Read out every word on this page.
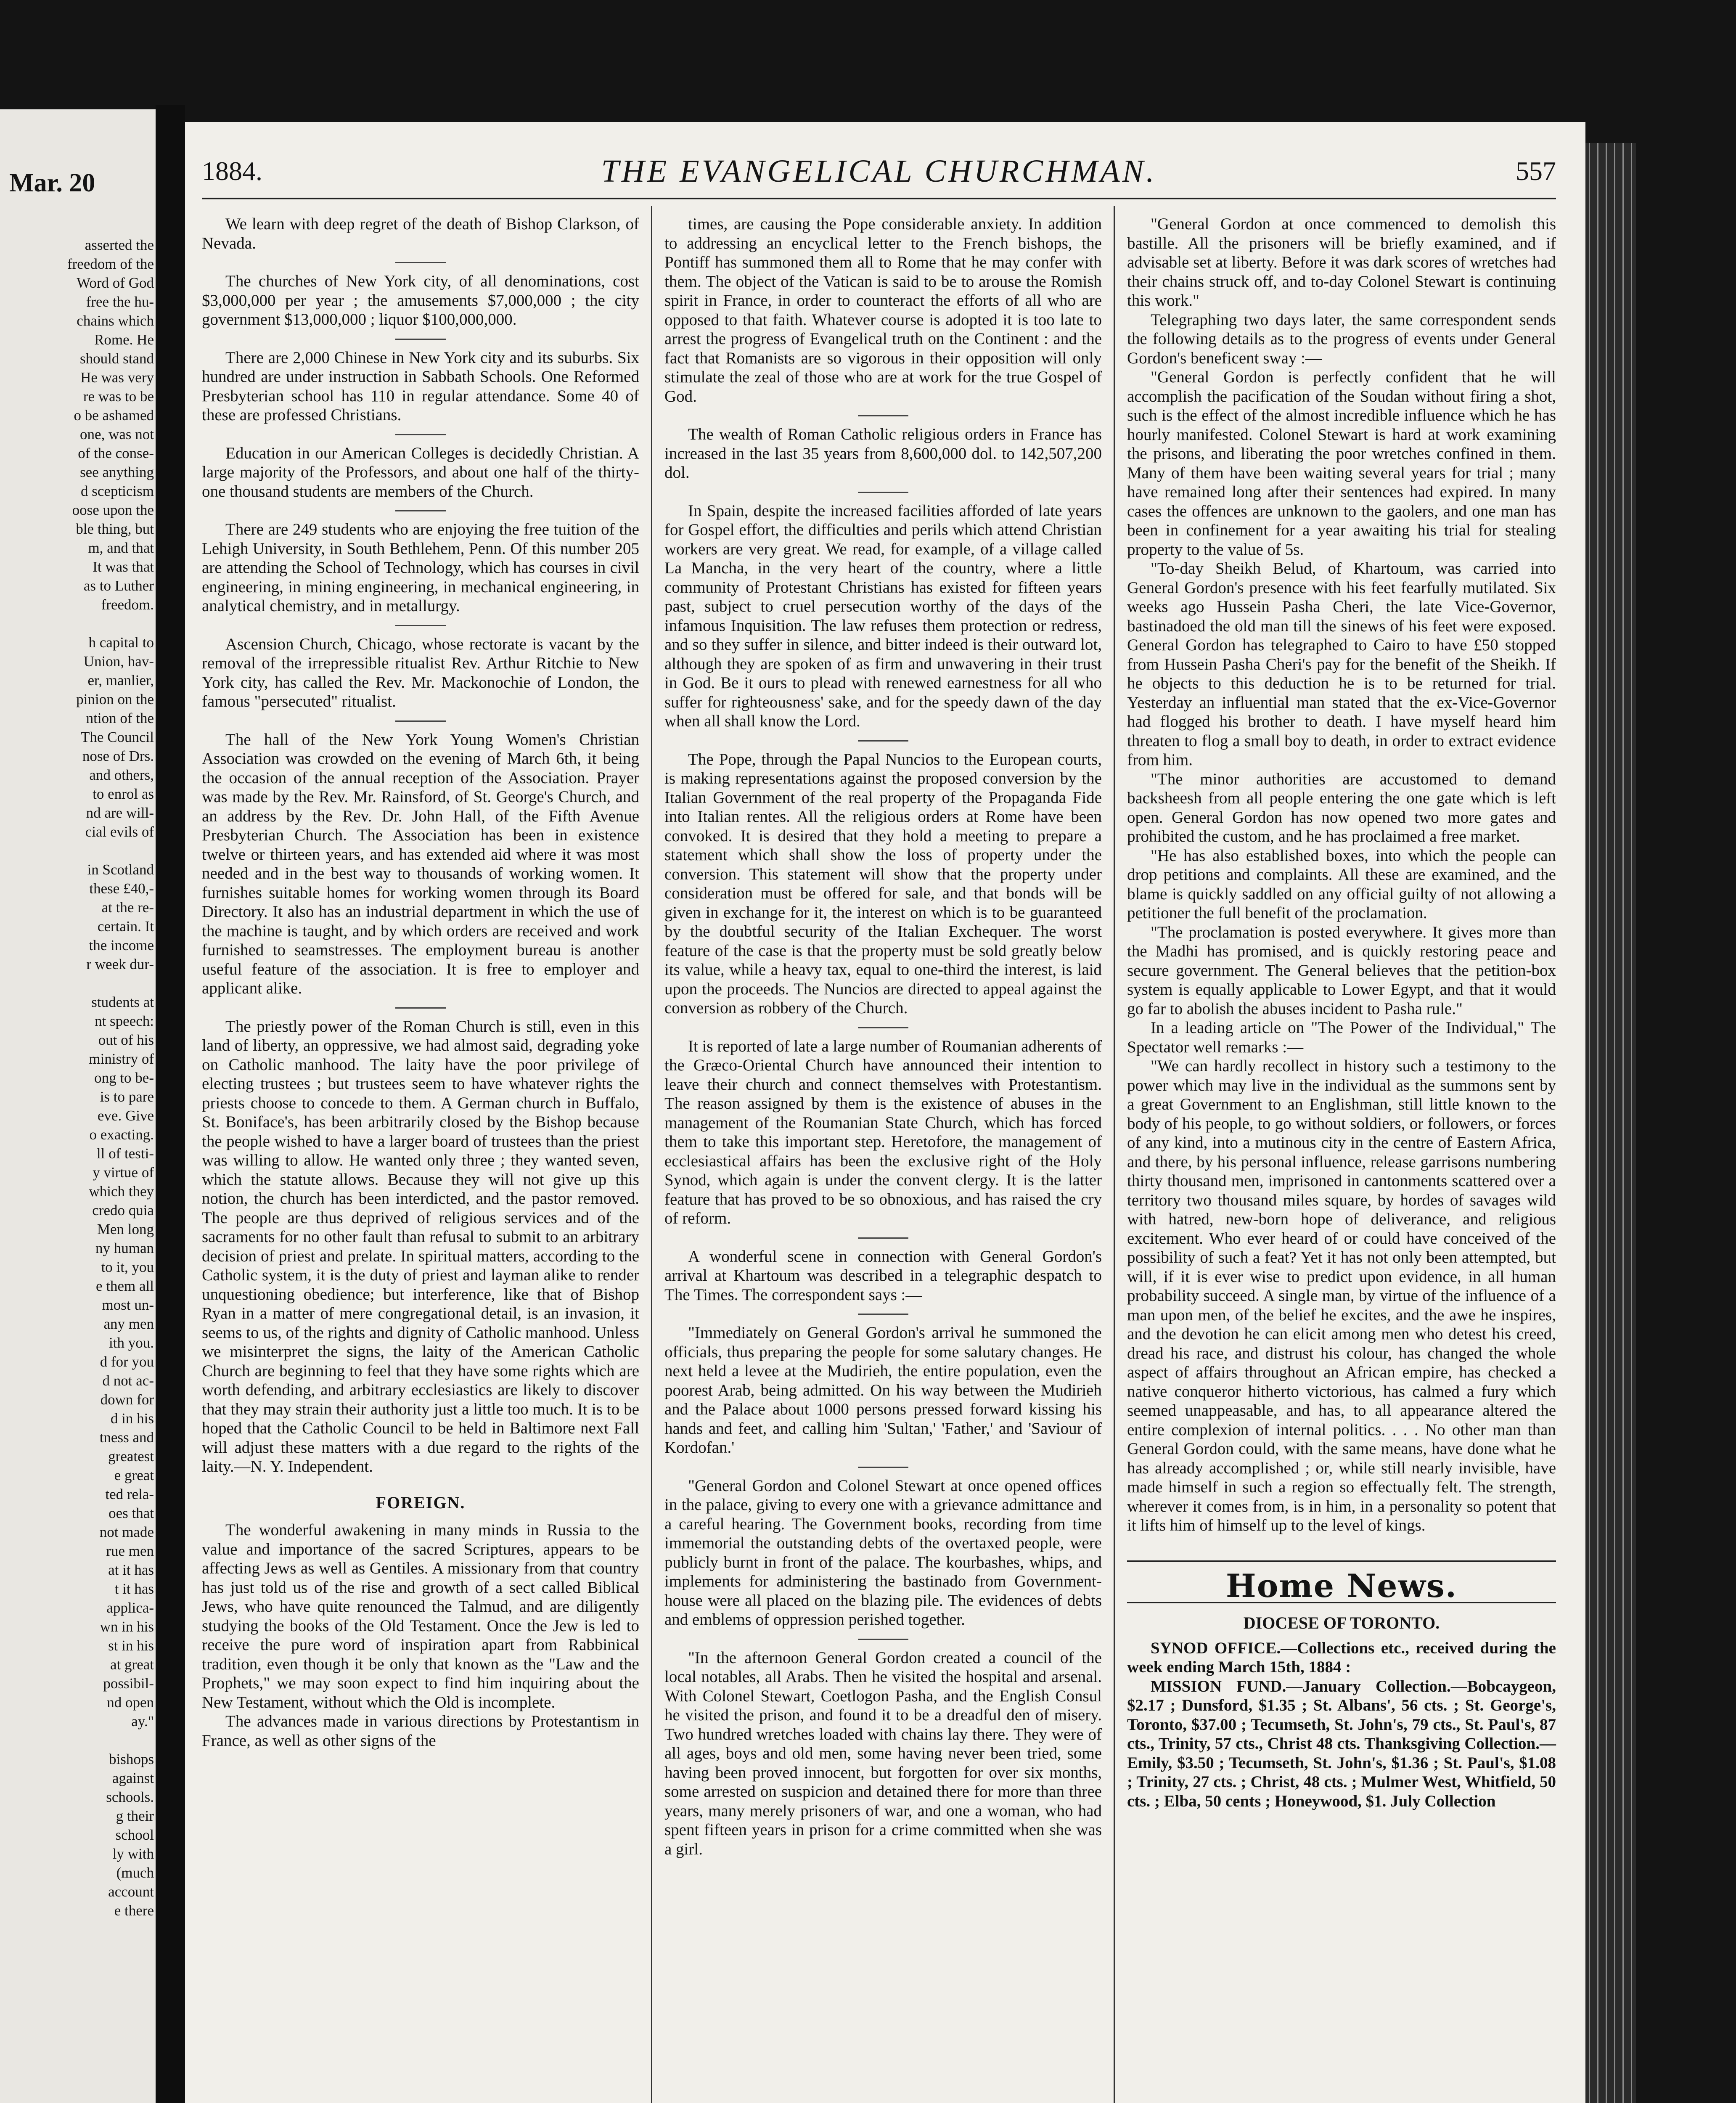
Mar. 20
asserted the
freedom of the
Word of God
free the hu-
chains which
Rome. He
should stand
He was very
re was to be
o be ashamed
one, was not
of the conse-
see anything
d scepticism
oose upon the
ble thing, but
m, and that
It was that
as to Luther
freedom.
h capital to
Union, hav-
er, manlier,
pinion on the
ntion of the
The Council
nose of Drs.
and others,
to enrol as
nd are will-
cial evils of
in Scotland
these £40,-
at the re-
certain. It
the income
r week dur-
students at
nt speech:
out of his
ministry of
ong to be-
is to pare
eve. Give
o exacting.
ll of testi-
y virtue of
which they
credo quia
Men long
ny human
to it, you
e them all
most un-
any men
ith you.
d for you
d not ac-
down for
d in his
tness and
greatest
e great
ted rela-
oes that
not made
rue men
at it has
t it has
applica-
wn in his
st in his
at great
possibil-
nd open
ay."
bishops
against
schools.
g their
school
ly with
(much
account
e there
1884.	THE EVANGELICAL CHURCHMAN.	557

We learn with deep regret of the death of Bishop Clarkson, of Nevada.

The churches of New York city, of all denominations, cost $3,000,000 per year ; the amusements $7,000,000 ; the city government $13,000,000 ; liquor $100,000,000.

There are 2,000 Chinese in New York city and its suburbs. Six hundred are under instruction in Sabbath Schools. One Reformed Presbyterian school has 110 in regular attendance. Some 40 of these are professed Christians.

Education in our American Colleges is decidedly Christian. A large majority of the Professors, and about one half of the thirty-one thousand students are members of the Church.

There are 249 students who are enjoying the free tuition of the Lehigh University, in South Bethlehem, Penn. Of this number 205 are attending the School of Technology, which has courses in civil engineering, in mining engineering, in mechanical engineering, in analytical chemistry, and in metallurgy.

Ascension Church, Chicago, whose rectorate is vacant by the removal of the irrepressible ritualist Rev. Arthur Ritchie to New York city, has called the Rev. Mr. Mackonochie of London, the famous "persecuted" ritualist.

The hall of the New York Young Women's Christian Association was crowded on the evening of March 6th, it being the occasion of the annual reception of the Association. Prayer was made by the Rev. Mr. Rainsford, of St. George's Church, and an address by the Rev. Dr. John Hall, of the Fifth Avenue Presbyterian Church. The Association has been in existence twelve or thirteen years, and has extended aid where it was most needed and in the best way to thousands of working women. It furnishes suitable homes for working women through its Board Directory. It also has an industrial department in which the use of the machine is taught, and by which orders are received and work furnished to seamstresses. The employment bureau is another useful feature of the association. It is free to employer and applicant alike.

The priestly power of the Roman Church is still, even in this land of liberty, an oppressive, we had almost said, degrading yoke on Catholic manhood. The laity have the poor privilege of electing trustees ; but trustees seem to have whatever rights the priests choose to concede to them. A German church in Buffalo, St. Boniface's, has been arbitrarily closed by the Bishop because the people wished to have a larger board of trustees than the priest was willing to allow. He wanted only three ; they wanted seven, which the statute allows. Because they will not give up this notion, the church has been interdicted, and the pastor removed. The people are thus deprived of religious services and of the sacraments for no other fault than refusal to submit to an arbitrary decision of priest and prelate. In spiritual matters, according to the Catholic system, it is the duty of priest and layman alike to render unquestioning obedience; but interference, like that of Bishop Ryan in a matter of mere congregational detail, is an invasion, it seems to us, of the rights and dignity of Catholic manhood. Unless we misinterpret the signs, the laity of the American Catholic Church are beginning to feel that they have some rights which are worth defending, and arbitrary ecclesiastics are likely to discover that they may strain their authority just a little too much. It is to be hoped that the Catholic Council to be held in Baltimore next Fall will adjust these matters with a due regard to the rights of the laity.—N. Y. Independent.

FOREIGN.

The wonderful awakening in many minds in Russia to the value and importance of the sacred Scriptures, appears to be affecting Jews as well as Gentiles. A missionary from that country has just told us of the rise and growth of a sect called Biblical Jews, who have quite renounced the Talmud, and are diligently studying the books of the Old Testament. Once the Jew is led to receive the pure word of inspiration apart from Rabbinical tradition, even though it be only that known as the "Law and the Prophets," we may soon expect to find him inquiring about the New Testament, without which the Old is incomplete.

The advances made in various directions by Protestantism in France, as well as other signs of the

times, are causing the Pope considerable anxiety. In addition to addressing an encyclical letter to the French bishops, the Pontiff has summoned them all to Rome that he may confer with them. The object of the Vatican is said to be to arouse the Romish spirit in France, in order to counteract the efforts of all who are opposed to that faith. Whatever course is adopted it is too late to arrest the progress of Evangelical truth on the Continent : and the fact that Romanists are so vigorous in their opposition will only stimulate the zeal of those who are at work for the true Gospel of God.

The wealth of Roman Catholic religious orders in France has increased in the last 35 years from 8,600,000 dol. to 142,507,200 dol.

In Spain, despite the increased facilities afforded of late years for Gospel effort, the difficulties and perils which attend Christian workers are very great. We read, for example, of a village called La Mancha, in the very heart of the country, where a little community of Protestant Christians has existed for fifteen years past, subject to cruel persecution worthy of the days of the infamous Inquisition. The law refuses them protection or redress, and so they suffer in silence, and bitter indeed is their outward lot, although they are spoken of as firm and unwavering in their trust in God. Be it ours to plead with renewed earnestness for all who suffer for righteousness' sake, and for the speedy dawn of the day when all shall know the Lord.

The Pope, through the Papal Nuncios to the European courts, is making representations against the proposed conversion by the Italian Government of the real property of the Propaganda Fide into Italian rentes. All the religious orders at Rome have been convoked. It is desired that they hold a meeting to prepare a statement which shall show the loss of property under the conversion. This statement will show that the property under consideration must be offered for sale, and that bonds will be given in exchange for it, the interest on which is to be guaranteed by the doubtful security of the Italian Exchequer. The worst feature of the case is that the property must be sold greatly below its value, while a heavy tax, equal to one-third the interest, is laid upon the proceeds. The Nuncios are directed to appeal against the conversion as robbery of the Church.

It is reported of late a large number of Roumanian adherents of the Græco-Oriental Church have announced their intention to leave their church and connect themselves with Protestantism. The reason assigned by them is the existence of abuses in the management of the Roumanian State Church, which has forced them to take this important step. Heretofore, the management of ecclesiastical affairs has been the exclusive right of the Holy Synod, which again is under the convent clergy. It is the latter feature that has proved to be so obnoxious, and has raised the cry of reform.

A wonderful scene in connection with General Gordon's arrival at Khartoum was described in a telegraphic despatch to The Times. The correspondent says :—

"Immediately on General Gordon's arrival he summoned the officials, thus preparing the people for some salutary changes. He next held a levee at the Mudirieh, the entire population, even the poorest Arab, being admitted. On his way between the Mudirieh and the Palace about 1000 persons pressed forward kissing his hands and feet, and calling him 'Sultan,' 'Father,' and 'Saviour of Kordofan.'

"General Gordon and Colonel Stewart at once opened offices in the palace, giving to every one with a grievance admittance and a careful hearing. The Government books, recording from time immemorial the outstanding debts of the overtaxed people, were publicly burnt in front of the palace. The kourbashes, whips, and implements for administering the bastinado from Government-house were all placed on the blazing pile. The evidences of debts and emblems of oppression perished together.

"In the afternoon General Gordon created a council of the local notables, all Arabs. Then he visited the hospital and arsenal. With Colonel Stewart, Coetlogon Pasha, and the English Consul he visited the prison, and found it to be a dreadful den of misery. Two hundred wretches loaded with chains lay there. They were of all ages, boys and old men, some having never been tried, some having been proved innocent, but forgotten for over six months, some arrested on suspicion and detained there for more than three years, many merely prisoners of war, and one a woman, who had spent fifteen years in prison for a crime committed when she was a girl.

"General Gordon at once commenced to demolish this bastille. All the prisoners will be briefly examined, and if advisable set at liberty. Before it was dark scores of wretches had their chains struck off, and to-day Colonel Stewart is continuing this work."

Telegraphing two days later, the same correspondent sends the following details as to the progress of events under General Gordon's beneficent sway :—

"General Gordon is perfectly confident that he will accomplish the pacification of the Soudan without firing a shot, such is the effect of the almost incredible influence which he has hourly manifested. Colonel Stewart is hard at work examining the prisons, and liberating the poor wretches confined in them. Many of them have been waiting several years for trial ; many have remained long after their sentences had expired. In many cases the offences are unknown to the gaolers, and one man has been in confinement for a year awaiting his trial for stealing property to the value of 5s.

"To-day Sheikh Belud, of Khartoum, was carried into General Gordon's presence with his feet fearfully mutilated. Six weeks ago Hussein Pasha Cheri, the late Vice-Governor, bastinadoed the old man till the sinews of his feet were exposed. General Gordon has telegraphed to Cairo to have £50 stopped from Hussein Pasha Cheri's pay for the benefit of the Sheikh. If he objects to this deduction he is to be returned for trial. Yesterday an influential man stated that the ex-Vice-Governor had flogged his brother to death. I have myself heard him threaten to flog a small boy to death, in order to extract evidence from him.

"The minor authorities are accustomed to demand backsheesh from all people entering the one gate which is left open. General Gordon has now opened two more gates and prohibited the custom, and he has proclaimed a free market.

"He has also established boxes, into which the people can drop petitions and complaints. All these are examined, and the blame is quickly saddled on any official guilty of not allowing a petitioner the full benefit of the proclamation.

"The proclamation is posted everywhere. It gives more than the Madhi has promised, and is quickly restoring peace and secure government. The General believes that the petition-box system is equally applicable to Lower Egypt, and that it would go far to abolish the abuses incident to Pasha rule."

In a leading article on "The Power of the Individual," The Spectator well remarks :—

"We can hardly recollect in history such a testimony to the power which may live in the individual as the summons sent by a great Government to an Englishman, still little known to the body of his people, to go without soldiers, or followers, or forces of any kind, into a mutinous city in the centre of Eastern Africa, and there, by his personal influence, release garrisons numbering thirty thousand men, imprisoned in cantonments scattered over a territory two thousand miles square, by hordes of savages wild with hatred, new-born hope of deliverance, and religious excitement. Who ever heard of or could have conceived of the possibility of such a feat? Yet it has not only been attempted, but will, if it is ever wise to predict upon evidence, in all human probability succeed. A single man, by virtue of the influence of a man upon men, of the belief he excites, and the awe he inspires, and the devotion he can elicit among men who detest his creed, dread his race, and distrust his colour, has changed the whole aspect of affairs throughout an African empire, has checked a native conqueror hitherto victorious, has calmed a fury which seemed unappeasable, and has, to all appearance altered the entire complexion of internal politics. . . . No other man than General Gordon could, with the same means, have done what he has already accomplished ; or, while still nearly invisible, have made himself in such a region so effectually felt. The strength, wherever it comes from, is in him, in a personality so potent that it lifts him of himself up to the level of kings.

Home News.
DIOCESE OF TORONTO.

SYNOD OFFICE.—Collections etc., received during the week ending March 15th, 1884 :

MISSION FUND.—January Collection.—Bobcaygeon, $2.17 ; Dunsford, $1.35 ; St. Albans', 56 cts. ; St. George's, Toronto, $37.00 ; Tecumseth, St. John's, 79 cts., St. Paul's, 87 cts., Trinity, 57 cts., Christ 48 cts. Thanksgiving Collection.—Emily, $3.50 ; Tecumseth, St. John's, $1.36 ; St. Paul's, $1.08 ; Trinity, 27 cts. ; Christ, 48 cts. ; Mulmer West, Whitfield, 50 cts. ; Elba, 50 cents ; Honeywood, $1. July Collection
